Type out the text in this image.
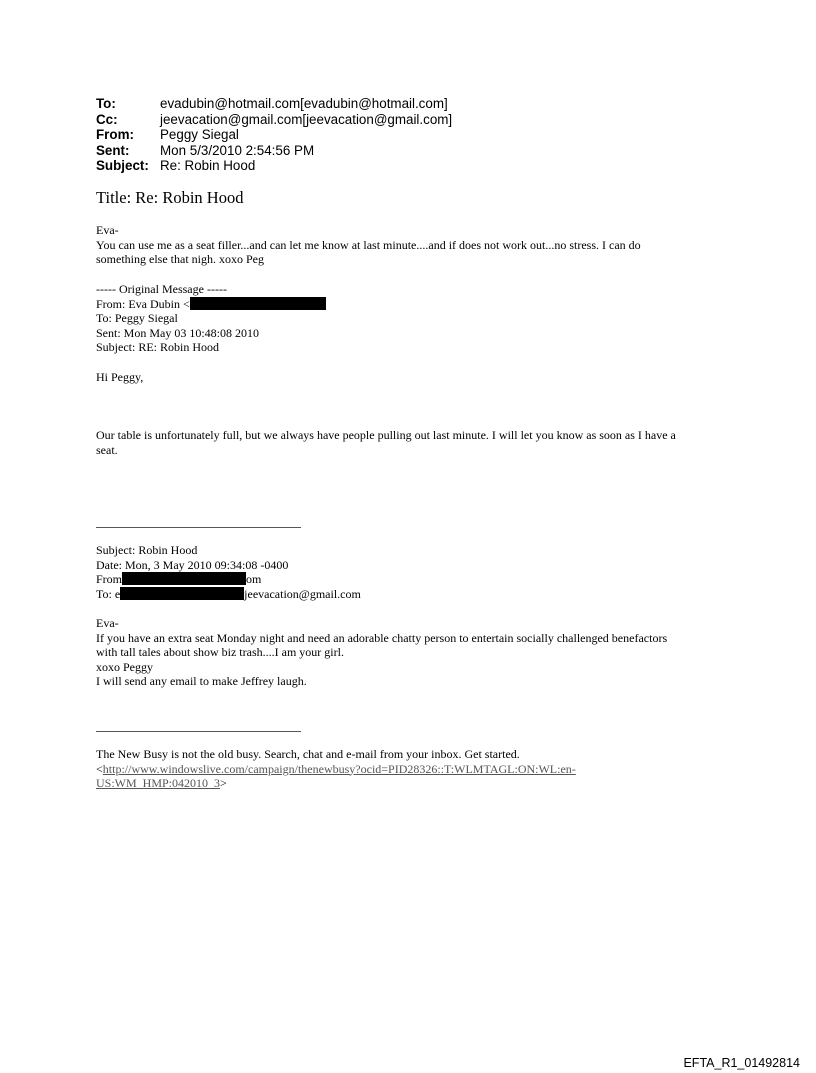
To:	evadubin@hotmail.com[evadubin@hotmail.com]
Cc:	jeevacation@gmail.com[jeevacation@gmail.com]
From:	Peggy Siegal
Sent:	Mon 5/3/2010 2:54:56 PM
Subject: Re: Robin Hood
Title: Re: Robin Hood
Eva-
You can use me as a seat filler...and can let me know at last minute....and if does not work out...no stress. I can do
something else that nigh. xoxo Peg
----- Original Message -----
From: Eva Dubin <
To: Peggy Siegal
Sent: Mon May 03 10:48:08 2010
Subject: RE: Robin Hood
Hi Peggy,
Our table is unfortunately full, but we always have people pulling out last minute. I will let you know as soon as I have a
seat.
Subject: Robin Hood
Date: Mon, 3 May 2010 09:34:08 -0400
From	om
To: e	jeevacation@gmail.com
Eva-
If you have an extra seat Monday night and need an adorable chatty person to entertain socially challenged benefactors
with tall tales about show biz trash....I am your girl.
xoxo Peggy
I will send any email to make Jeffrey laugh.
The New Busy is not the old busy. Search, chat and e-mail from your inbox. Get started.
<http://www.windowslive.com/campaign/thenewbusy?ocid=PID28326::T:WLMTAGL:ON:WL:en-
US:WM_HMP:042010_3>
EFTA_R1_01492814
